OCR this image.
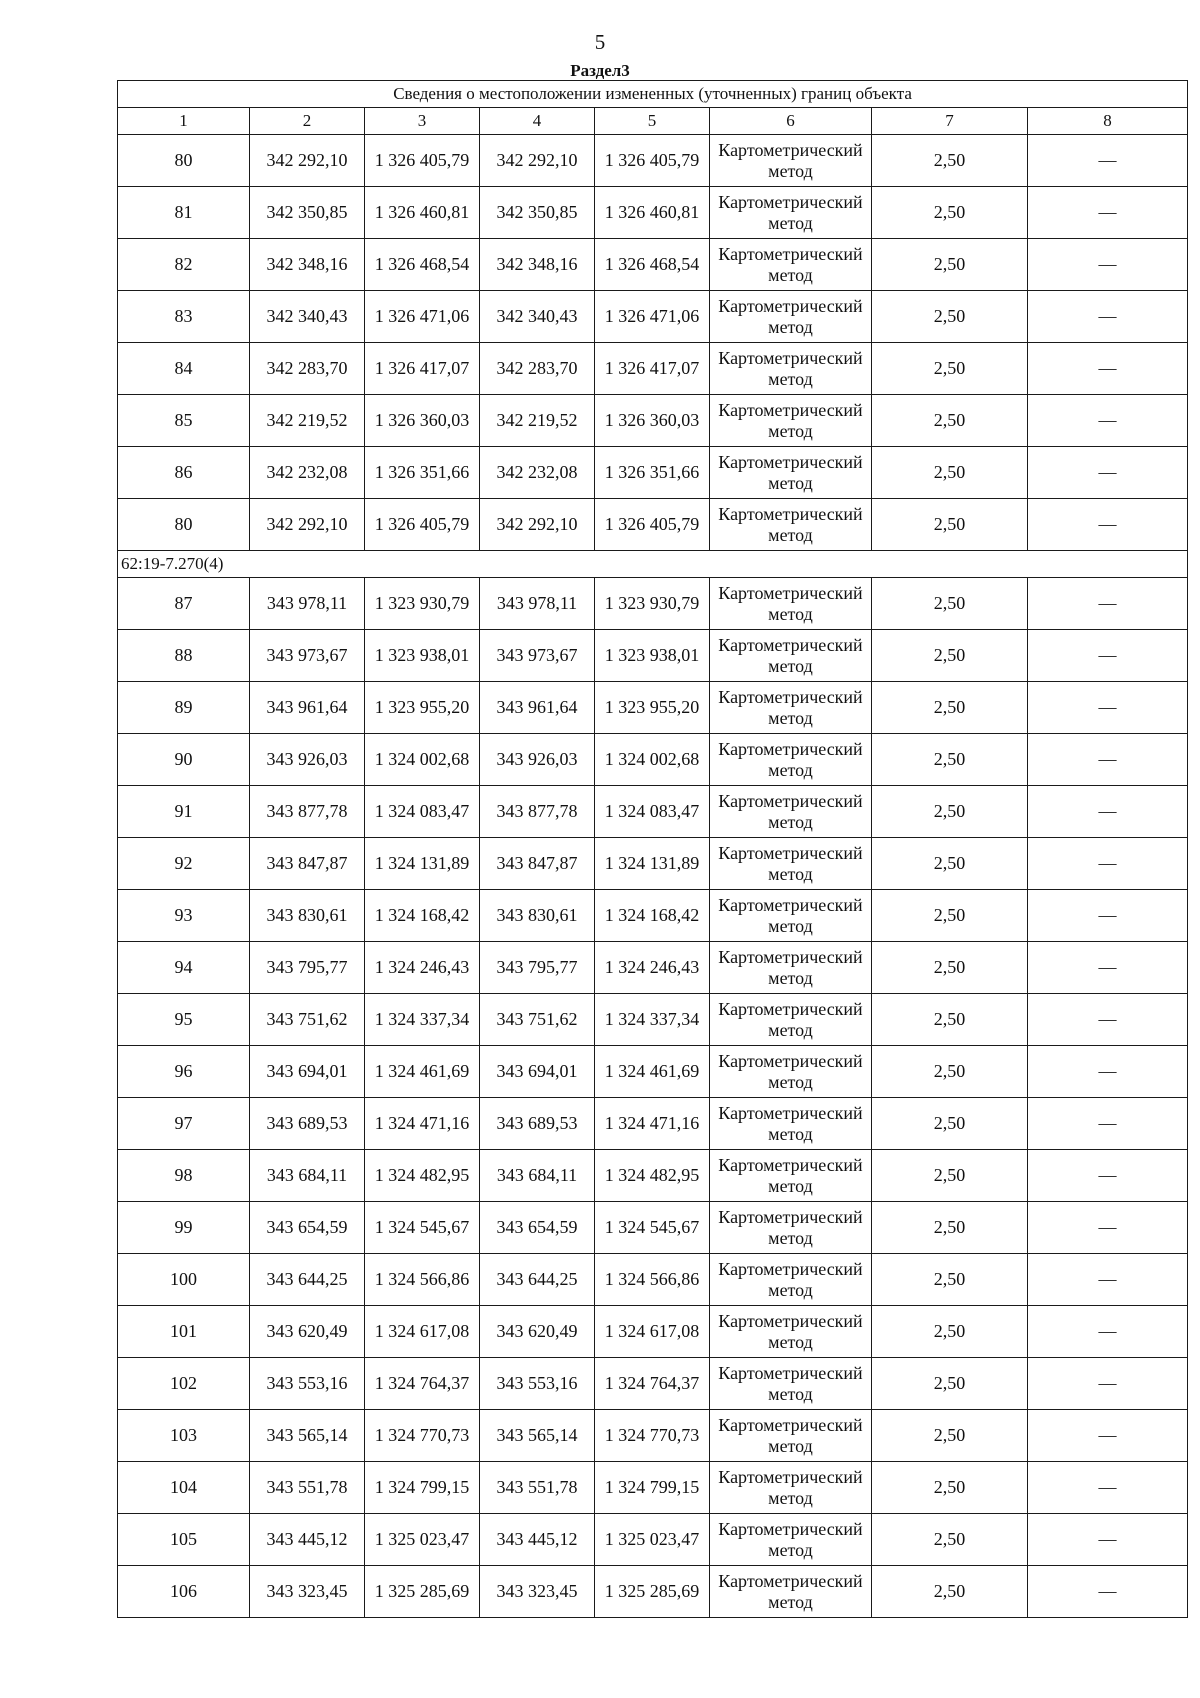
5
Раздел3
Сведения о местоположении измененных (уточненных) границ объекта							
1	2	3	4	5	6	7	8
80	342 292,10	1 326 405,79	342 292,10	1 326 405,79	Картометрический метод	2,50	—
81	342 350,85	1 326 460,81	342 350,85	1 326 460,81	Картометрический метод	2,50	—
82	342 348,16	1 326 468,54	342 348,16	1 326 468,54	Картометрический метод	2,50	—
83	342 340,43	1 326 471,06	342 340,43	1 326 471,06	Картометрический метод	2,50	—
84	342 283,70	1 326 417,07	342 283,70	1 326 417,07	Картометрический метод	2,50	—
85	342 219,52	1 326 360,03	342 219,52	1 326 360,03	Картометрический метод	2,50	—
86	342 232,08	1 326 351,66	342 232,08	1 326 351,66	Картометрический метод	2,50	—
80	342 292,10	1 326 405,79	342 292,10	1 326 405,79	Картометрический метод	2,50	—
62:19-7.270(4)							
87	343 978,11	1 323 930,79	343 978,11	1 323 930,79	Картометрический метод	2,50	—
88	343 973,67	1 323 938,01	343 973,67	1 323 938,01	Картометрический метод	2,50	—
89	343 961,64	1 323 955,20	343 961,64	1 323 955,20	Картометрический метод	2,50	—
90	343 926,03	1 324 002,68	343 926,03	1 324 002,68	Картометрический метод	2,50	—
91	343 877,78	1 324 083,47	343 877,78	1 324 083,47	Картометрический метод	2,50	—
92	343 847,87	1 324 131,89	343 847,87	1 324 131,89	Картометрический метод	2,50	—
93	343 830,61	1 324 168,42	343 830,61	1 324 168,42	Картометрический метод	2,50	—
94	343 795,77	1 324 246,43	343 795,77	1 324 246,43	Картометрический метод	2,50	—
95	343 751,62	1 324 337,34	343 751,62	1 324 337,34	Картометрический метод	2,50	—
96	343 694,01	1 324 461,69	343 694,01	1 324 461,69	Картометрический метод	2,50	—
97	343 689,53	1 324 471,16	343 689,53	1 324 471,16	Картометрический метод	2,50	—
98	343 684,11	1 324 482,95	343 684,11	1 324 482,95	Картометрический метод	2,50	—
99	343 654,59	1 324 545,67	343 654,59	1 324 545,67	Картометрический метод	2,50	—
100	343 644,25	1 324 566,86	343 644,25	1 324 566,86	Картометрический метод	2,50	—
101	343 620,49	1 324 617,08	343 620,49	1 324 617,08	Картометрический метод	2,50	—
102	343 553,16	1 324 764,37	343 553,16	1 324 764,37	Картометрический метод	2,50	—
103	343 565,14	1 324 770,73	343 565,14	1 324 770,73	Картометрический метод	2,50	—
104	343 551,78	1 324 799,15	343 551,78	1 324 799,15	Картометрический метод	2,50	—
105	343 445,12	1 325 023,47	343 445,12	1 325 023,47	Картометрический метод	2,50	—
106	343 323,45	1 325 285,69	343 323,45	1 325 285,69	Картометрический метод	2,50	—
